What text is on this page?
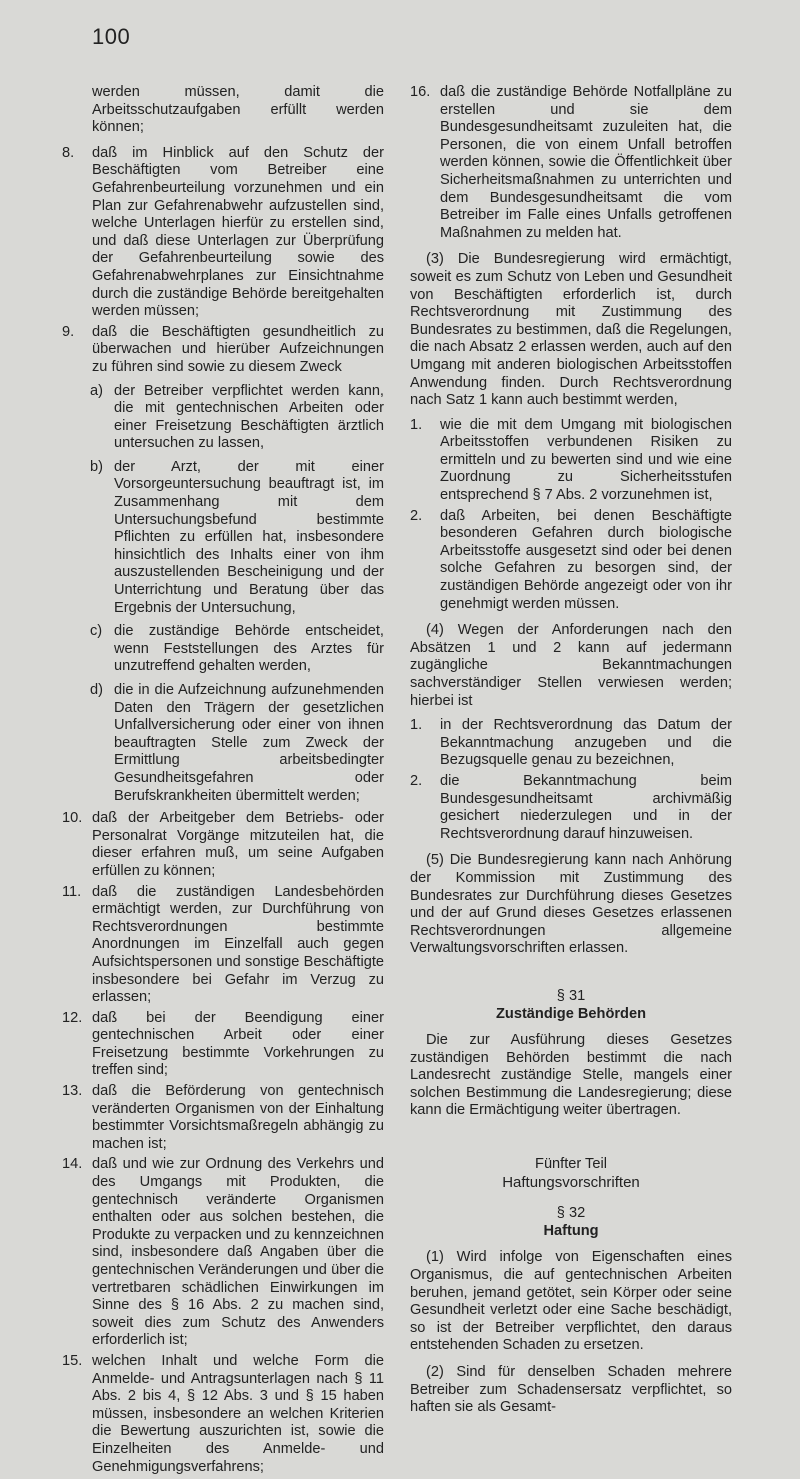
100
werden müssen, damit die Arbeitsschutzaufgaben erfüllt werden können;
8. daß im Hinblick auf den Schutz der Beschäftigten vom Betreiber eine Gefahrenbeurteilung vorzunehmen und ein Plan zur Gefahrenabwehr aufzustellen sind, welche Unterlagen hierfür zu erstellen sind, und daß diese Unterlagen zur Überprüfung der Gefahrenbeurteilung sowie des Gefahrenabwehrplanes zur Einsichtnahme durch die zuständige Behörde bereitgehalten werden müssen;
9. daß die Beschäftigten gesundheitlich zu überwachen und hierüber Aufzeichnungen zu führen sind sowie zu diesem Zweck
a) der Betreiber verpflichtet werden kann, die mit gentechnischen Arbeiten oder einer Freisetzung Beschäftigten ärztlich untersuchen zu lassen,
b) der Arzt, der mit einer Vorsorgeuntersuchung beauftragt ist, im Zusammenhang mit dem Untersuchungsbefund bestimmte Pflichten zu erfüllen hat, insbesondere hinsichtlich des Inhalts einer von ihm auszustellenden Bescheinigung und der Unterrichtung und Beratung über das Ergebnis der Untersuchung,
c) die zuständige Behörde entscheidet, wenn Feststellungen des Arztes für unzutreffend gehalten werden,
d) die in die Aufzeichnung aufzunehmenden Daten den Trägern der gesetzlichen Unfallversicherung oder einer von ihnen beauftragten Stelle zum Zweck der Ermittlung arbeitsbedingter Gesundheitsgefahren oder Berufskrankheiten übermittelt werden;
10. daß der Arbeitgeber dem Betriebs- oder Personalrat Vorgänge mitzuteilen hat, die dieser erfahren muß, um seine Aufgaben erfüllen zu können;
11. daß die zuständigen Landesbehörden ermächtigt werden, zur Durchführung von Rechtsverordnungen bestimmte Anordnungen im Einzelfall auch gegen Aufsichtspersonen und sonstige Beschäftigte insbesondere bei Gefahr im Verzug zu erlassen;
12. daß bei der Beendigung einer gentechnischen Arbeit oder einer Freisetzung bestimmte Vorkehrungen zu treffen sind;
13. daß die Beförderung von gentechnisch veränderten Organismen von der Einhaltung bestimmter Vorsichtsmaßregeln abhängig zu machen ist;
14. daß und wie zur Ordnung des Verkehrs und des Umgangs mit Produkten, die gentechnisch veränderte Organismen enthalten oder aus solchen bestehen, die Produkte zu verpacken und zu kennzeichnen sind, insbesondere daß Angaben über die gentechnischen Veränderungen und über die vertretbaren schädlichen Einwirkungen im Sinne des § 16 Abs. 2 zu machen sind, soweit dies zum Schutz des Anwenders erforderlich ist;
15. welchen Inhalt und welche Form die Anmelde- und Antragsunterlagen nach § 11 Abs. 2 bis 4, § 12 Abs. 3 und § 15 haben müssen, insbesondere an welchen Kriterien die Bewertung auszurichten ist, sowie die Einzelheiten des Anmelde- und Genehmigungsverfahrens;
16. daß die zuständige Behörde Notfallpläne zu erstellen und sie dem Bundesgesundheitsamt zuzuleiten hat, die Personen, die von einem Unfall betroffen werden können, sowie die Öffentlichkeit über Sicherheitsmaßnahmen zu unterrichten und dem Bundesgesundheitsamt die vom Betreiber im Falle eines Unfalls getroffenen Maßnahmen zu melden hat.

(3) Die Bundesregierung wird ermächtigt, soweit es zum Schutz von Leben und Gesundheit von Beschäftigten erforderlich ist, durch Rechtsverordnung mit Zustimmung des Bundesrates zu bestimmen, daß die Regelungen, die nach Absatz 2 erlassen werden, auch auf den Umgang mit anderen biologischen Arbeitsstoffen Anwendung finden. Durch Rechtsverordnung nach Satz 1 kann auch bestimmt werden,

1. wie die mit dem Umgang mit biologischen Arbeitsstoffen verbundenen Risiken zu ermitteln und zu bewerten sind und wie eine Zuordnung zu Sicherheitsstufen entsprechend § 7 Abs. 2 vorzunehmen ist,
2. daß Arbeiten, bei denen Beschäftigte besonderen Gefahren durch biologische Arbeitsstoffe ausgesetzt sind oder bei denen solche Gefahren zu besorgen sind, der zuständigen Behörde angezeigt oder von ihr genehmigt werden müssen.

(4) Wegen der Anforderungen nach den Absätzen 1 und 2 kann auf jedermann zugängliche Bekanntmachungen sachverständiger Stellen verwiesen werden; hierbei ist

1. in der Rechtsverordnung das Datum der Bekanntmachung anzugeben und die Bezugsquelle genau zu bezeichnen,
2. die Bekanntmachung beim Bundesgesundheitsamt archivmäßig gesichert niederzulegen und in der Rechtsverordnung darauf hinzuweisen.

(5) Die Bundesregierung kann nach Anhörung der Kommission mit Zustimmung des Bundesrates zur Durchführung dieses Gesetzes und der auf Grund dieses Gesetzes erlassenen Rechtsverordnungen allgemeine Verwaltungsvorschriften erlassen.

§ 31

Zuständige Behörden

Die zur Ausführung dieses Gesetzes zuständigen Behörden bestimmt die nach Landesrecht zuständige Stelle, mangels einer solchen Bestimmung die Landesregierung; diese kann die Ermächtigung weiter übertragen.

Fünfter Teil

Haftungsvorschriften

§ 32

Haftung

(1) Wird infolge von Eigenschaften eines Organismus, die auf gentechnischen Arbeiten beruhen, jemand getötet, sein Körper oder seine Gesundheit verletzt oder eine Sache beschädigt, so ist der Betreiber verpflichtet, den daraus entstehenden Schaden zu ersetzen.

(2) Sind für denselben Schaden mehrere Betreiber zum Schadensersatz verpflichtet, so haften sie als Gesamt-
